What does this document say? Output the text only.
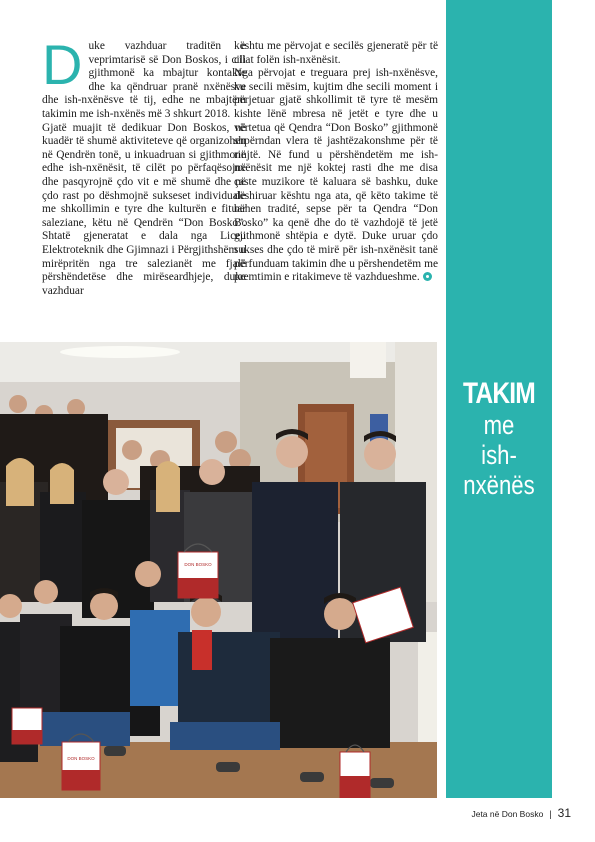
TAKIM
me
ish-
nxënës

Duke vazhduar traditën e veprimtarisë së Don Boskos, i cili gjithmonë ka mbajtur kontakte dhe ka qëndruar pranë nxënësve dhe ish-nxënësve të tij, edhe ne mbajtëm takimin me ish-nxënës më 3 shkurt 2018.

Gjatë muajit të dedikuar Don Boskos, në kuadër të shumë aktiviteteve që organizohen në Qendrën tonë, u inkuadruan si gjithmonë edhe ish-nxënësit, të cilët po përfaqësojnë dhe pasqyrojnë çdo vit e më shumë dhe në çdo rast po dëshmojnë sukseset individuale me shkollimin e tyre dhe kulturën e fituar saleziane, këtu në Qendrën “Don Bosko”. Shtatë gjeneratat e dala nga Liceu Elektroteknik dhe Gjimnazi i Përgjithshëm u mirëpritën nga tre salezianët me fjalë përshëndetëse dhe mirëseardhjeje, duke vazhduar

kështu me përvojat e secilës gjeneratë për të cilat folën ish-nxënësit.

Nga përvojat e treguara prej ish-nxënësve, ku secili mësim, kujtim dhe secili moment i përjetuar gjatë shkollimit të tyre të mesëm kishte lënë mbresa në jetët e tyre dhe u vërtetua që Qendra “Don Bosko” gjithmonë shpërndan vlera të jashtëzakonshme për të rinjtë. Në fund u përshëndetëm me ish-nxënësit me një koktej rasti dhe me disa çaste muzikore të kaluara së bashku, duke dëshiruar kështu nga ata, që këto takime të bëhen tradité, sepse për ta Qendra “Don Bosko” ka qenë dhe do të vazhdojë të jetë gjithmonë shtëpia e dytë. Duke uruar çdo sukses dhe çdo të mirë për ish-nxënësit tanë përfunduam takimin dhe u përshendetëm me premtimin e ritakimeve të vazhdueshme.

DON BOSKO
DON BOSKO
Jeta në Don Bosko | 31
